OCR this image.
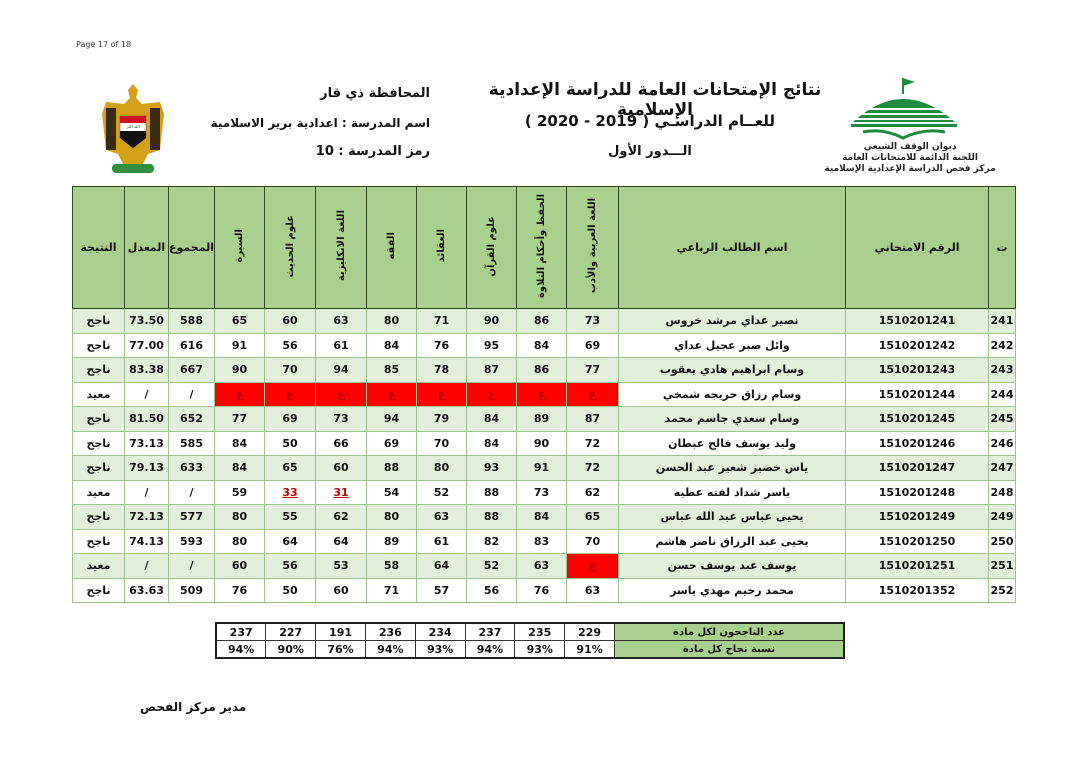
Page 17 of 18
الله اكبر
نتائج الإمتحانات العامة للدراسة الإعدادية الإسلامية
للعــام الدراسـي ( 2019 - 2020 )
الـــدور الأول
المحافظة ذي قار
اسم المدرسة : اعدادية برير الاسلامية
رمز المدرسة : 10	ديوان الوقف الشيعي
اللجنة الدائمة للامتحانات العامة
مركز فحص الدراسة الإعدادية الإسلامية
النتيجة	المعدل	المجموع	السيرة	علوم الحديث	اللغة الانكليزية	الفقه	العقائد	علوم القرآن	الحفظ وأحكام التلاوة	اللغة العربية والأدب	اسم الطالب الرباعي	الرقم الامتحاني	ت
ناجح	73.50	588	65	60	63	80	71	90	86	73	نصير عداي مرشد خروس	1510201241	241
ناجح	77.00	616	91	56	61	84	76	95	84	69	وائل صبر عجيل عداي	1510201242	242
ناجح	83.38	667	90	70	94	85	78	87	86	77	وسام ابراهيم هادي يعقوب	1510201243	243
معيد	/	/	غ	غ	غ	غ	غ	غ	غ	غ	وسام رزاق حريجه شمخي	1510201244	244
ناجح	81.50	652	77	69	73	94	79	84	89	87	وسام سعدي جاسم محمد	1510201245	245
ناجح	73.13	585	84	50	66	69	70	84	90	72	وليد يوسف فالح عبطان	1510201246	246
ناجح	79.13	633	84	65	60	88	80	93	91	72	ياس خضير شعير عبد الحسن	1510201247	247
معيد	/	/	59	33	31	54	52	88	73	62	ياسر شداد لفته عطيه	1510201248	248
ناجح	72.13	577	80	55	62	80	63	88	84	65	يحيى عباس عبد الله عباس	1510201249	249
ناجح	74.13	593	80	64	64	89	61	82	83	70	يحيى عبد الرزاق ناصر هاشم	1510201250	250
معيد	/	/	60	56	53	58	64	52	63	غ	يوسف عبد يوسف حسن	1510201251	251
ناجح	63.63	509	76	50	60	71	57	56	76	63	محمد رحيم مهدي ياسر	1510201352	252
237	227	191	236	234	237	235	229	عدد الناجحون لكل مادة
94%	90%	76%	94%	93%	94%	93%	91%	نسبة نجاح كل مادة
مدير مركز الفحص
